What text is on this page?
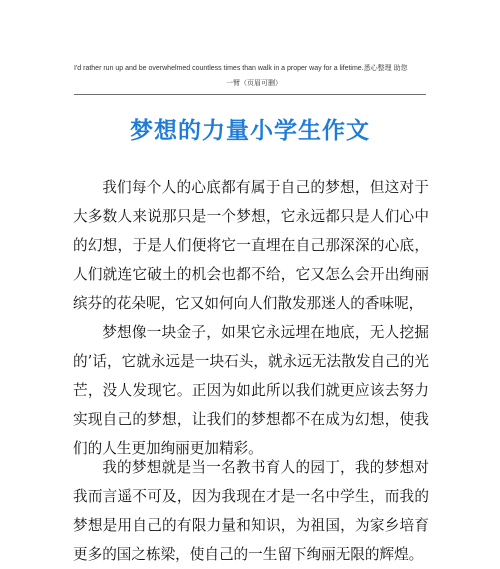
I'd rather run up and be overwhelmed countless times than walk in a proper way for a lifetime.悉心整理 助您
一臂（页眉可删）
梦想的力量小学生作文

我们每个人的心底都有属于自己的梦想，但这对于大多数人来说那只是一个梦想，它永远都只是人们心中的幻想，于是人们便将它一直埋在自己那深深的心底，人们就连它破土的机会也都不给，它又怎么会开出绚丽缤芬的花朵呢，它又如何向人们散发那迷人的香味呢，

梦想像一块金子，如果它永远埋在地底，无人挖掘的’话，它就永远是一块石头，就永远无法散发自己的光芒，没人发现它。正因为如此所以我们就更应该去努力实现自己的梦想，让我们的梦想都不在成为幻想，使我们的人生更加绚丽更加精彩。

我的梦想就是当一名教书育人的园丁，我的梦想对我而言遥不可及，因为我现在才是一名中学生，而我的梦想是用自己的有限力量和知识，为祖国，为家乡培育更多的国之栋梁，使自己的一生留下绚丽无限的辉煌。
